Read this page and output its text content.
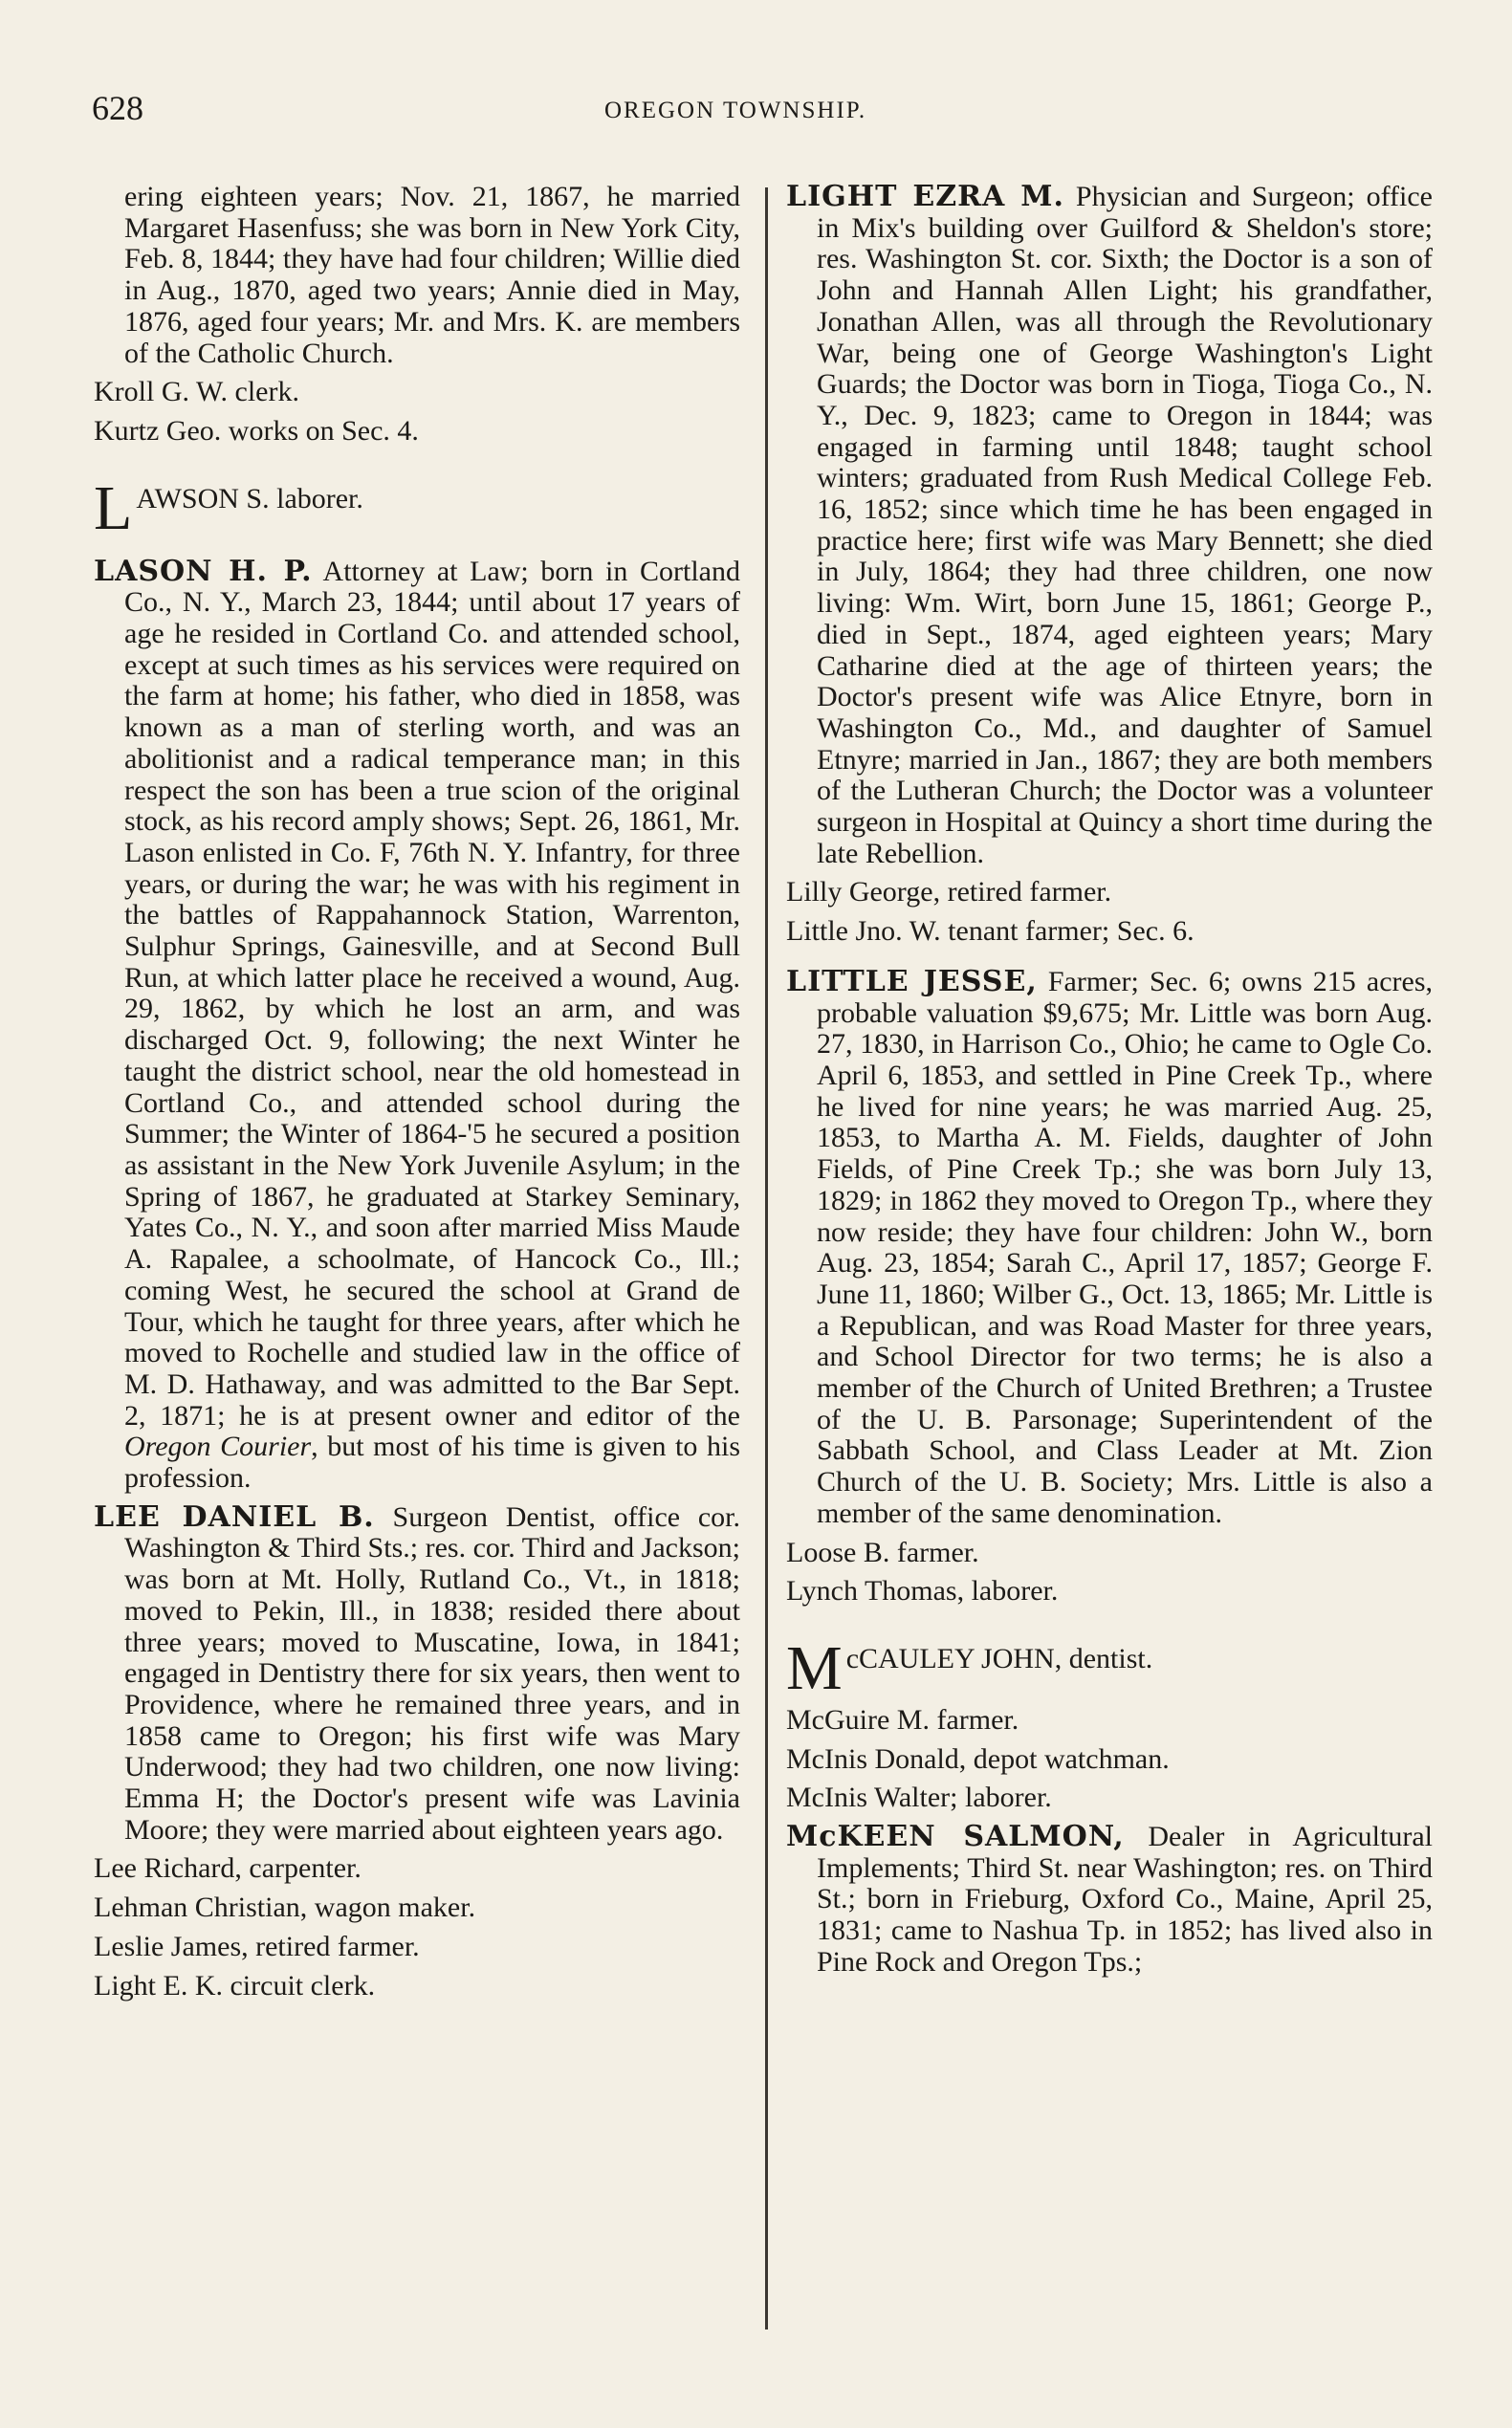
628	OREGON TOWNSHIP.

ering eighteen years; Nov. 21, 1867, he married Margaret Hasenfuss; she was born in New York City, Feb. 8, 1844; they have had four children; Willie died in Aug., 1870, aged two years; Annie died in May, 1876, aged four years; Mr. and Mrs. K. are members of the Catholic Church.

Kroll G. W. clerk.

Kurtz Geo. works on Sec. 4.

L AWSON S. laborer.

LASON H. P. Attorney at Law; born in Cortland Co., N. Y., March 23, 1844; until about 17 years of age he resided in Cortland Co. and attended school, except at such times as his services were required on the farm at home; his father, who died in 1858, was known as a man of sterling worth, and was an abolitionist and a radical temperance man; in this respect the son has been a true scion of the original stock, as his record amply shows; Sept. 26, 1861, Mr. Lason enlisted in Co. F, 76th N. Y. Infantry, for three years, or during the war; he was with his regiment in the battles of Rappahannock Station, Warrenton, Sulphur Springs, Gainesville, and at Second Bull Run, at which latter place he received a wound, Aug. 29, 1862, by which he lost an arm, and was discharged Oct. 9, following; the next Winter he taught the district school, near the old homestead in Cortland Co., and attended school during the Summer; the Winter of 1864-'5 he secured a position as assistant in the New York Juvenile Asylum; in the Spring of 1867, he graduated at Starkey Seminary, Yates Co., N. Y., and soon after married Miss Maude A. Rapalee, a schoolmate, of Hancock Co., Ill.; coming West, he secured the school at Grand de Tour, which he taught for three years, after which he moved to Rochelle and studied law in the office of M. D. Hathaway, and was admitted to the Bar Sept. 2, 1871; he is at present owner and editor of the Oregon Courier, but most of his time is given to his profession.

LEE DANIEL B. Surgeon Dentist, office cor. Washington & Third Sts.; res. cor. Third and Jackson; was born at Mt. Holly, Rutland Co., Vt., in 1818; moved to Pekin, Ill., in 1838; resided there about three years; moved to Muscatine, Iowa, in 1841; engaged in Dentistry there for six years, then went to Providence, where he remained three years, and in 1858 came to Oregon; his first wife was Mary Underwood; they had two children, one now living: Emma H; the Doctor's present wife was Lavinia Moore; they were married about eighteen years ago.

Lee Richard, carpenter.

Lehman Christian, wagon maker.

Leslie James, retired farmer.

Light E. K. circuit clerk.

LIGHT EZRA M. Physician and Surgeon; office in Mix's building over Guilford & Sheldon's store; res. Washington St. cor. Sixth; the Doctor is a son of John and Hannah Allen Light; his grandfather, Jonathan Allen, was all through the Revolutionary War, being one of George Washington's Light Guards; the Doctor was born in Tioga, Tioga Co., N. Y., Dec. 9, 1823; came to Oregon in 1844; was engaged in farming until 1848; taught school winters; graduated from Rush Medical College Feb. 16, 1852; since which time he has been engaged in practice here; first wife was Mary Bennett; she died in July, 1864; they had three children, one now living: Wm. Wirt, born June 15, 1861; George P., died in Sept., 1874, aged eighteen years; Mary Catharine died at the age of thirteen years; the Doctor's present wife was Alice Etnyre, born in Washington Co., Md., and daughter of Samuel Etnyre; married in Jan., 1867; they are both members of the Lutheran Church; the Doctor was a volunteer surgeon in Hospital at Quincy a short time during the late Rebellion.

Lilly George, retired farmer.

Little Jno. W. tenant farmer; Sec. 6.

LITTLE JESSE, Farmer; Sec. 6; owns 215 acres, probable valuation $9,675; Mr. Little was born Aug. 27, 1830, in Harrison Co., Ohio; he came to Ogle Co. April 6, 1853, and settled in Pine Creek Tp., where he lived for nine years; he was married Aug. 25, 1853, to Martha A. M. Fields, daughter of John Fields, of Pine Creek Tp.; she was born July 13, 1829; in 1862 they moved to Oregon Tp., where they now reside; they have four children: John W., born Aug. 23, 1854; Sarah C., April 17, 1857; George F. June 11, 1860; Wilber G., Oct. 13, 1865; Mr. Little is a Republican, and was Road Master for three years, and School Director for two terms; he is also a member of the Church of United Brethren; a Trustee of the U. B. Parsonage; Superintendent of the Sabbath School, and Class Leader at Mt. Zion Church of the U. B. Society; Mrs. Little is also a member of the same denomination.

Loose B. farmer.

Lynch Thomas, laborer.

M cCAULEY JOHN, dentist.

McGuire M. farmer.

McInis Donald, depot watchman.

McInis Walter; laborer.

McKEEN SALMON, Dealer in Agricultural Implements; Third St. near Washington; res. on Third St.; born in Frieburg, Oxford Co., Maine, April 25, 1831; came to Nashua Tp. in 1852; has lived also in Pine Rock and Oregon Tps.;
